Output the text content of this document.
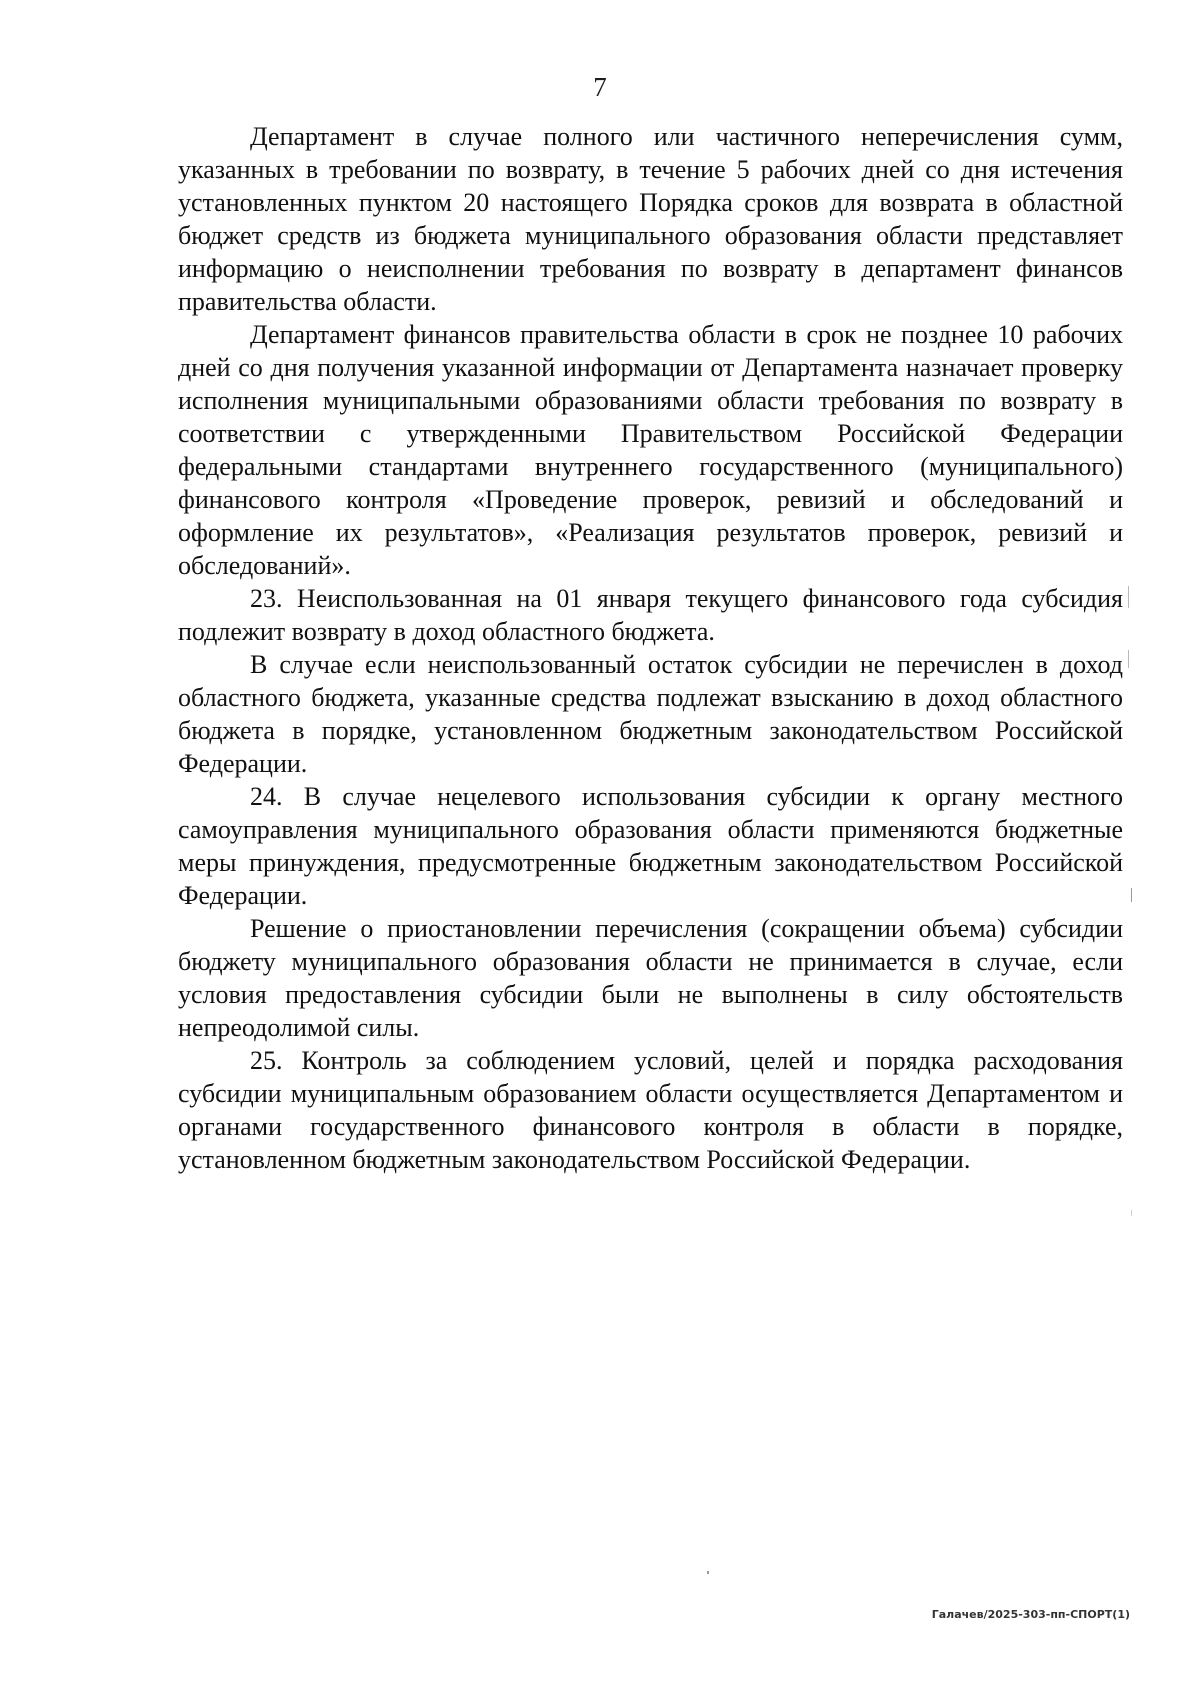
7

Департамент в случае полного или частичного неперечисления сумм, указанных в требовании по возврату, в течение 5 рабочих дней со дня истечения установленных пунктом 20 настоящего Порядка сроков для возврата в областной бюджет средств из бюджета муниципального образования области представляет информацию о неисполнении требования по возврату в департамент финансов правительства области.

Департамент финансов правительства области в срок не позднее 10 рабочих дней со дня получения указанной информации от Департамента назначает проверку исполнения муниципальными образованиями области требования по возврату в соответствии с утвержденными Правительством Российской Федерации федеральными стандартами внутреннего государственного (муниципального) финансового контроля «Проведение проверок, ревизий и обследований и оформление их результатов», «Реализация результатов проверок, ревизий и обследований».

23. Неиспользованная на 01 января текущего финансового года субсидия подлежит возврату в доход областного бюджета.

В случае если неиспользованный остаток субсидии не перечислен в доход областного бюджета, указанные средства подлежат взысканию в доход областного бюджета в порядке, установленном бюджетным законодательством Российской Федерации.

24. В случае нецелевого использования субсидии к органу местного самоуправления муниципального образования области применяются бюджетные меры принуждения, предусмотренные бюджетным законодательством Российской Федерации.

Решение о приостановлении перечисления (сокращении объема) субсидии бюджету муниципального образования области не принимается в случае, если условия предоставления субсидии были не выполнены в силу обстоятельств непреодолимой силы.

25. Контроль за соблюдением условий, целей и порядка расходования субсидии муниципальным образованием области осуществляется Департаментом и органами государственного финансового контроля в области в порядке, установленном бюджетным законодательством Российской Федерации.

Галачев/2025-303-пп-СПОРТ(1)
